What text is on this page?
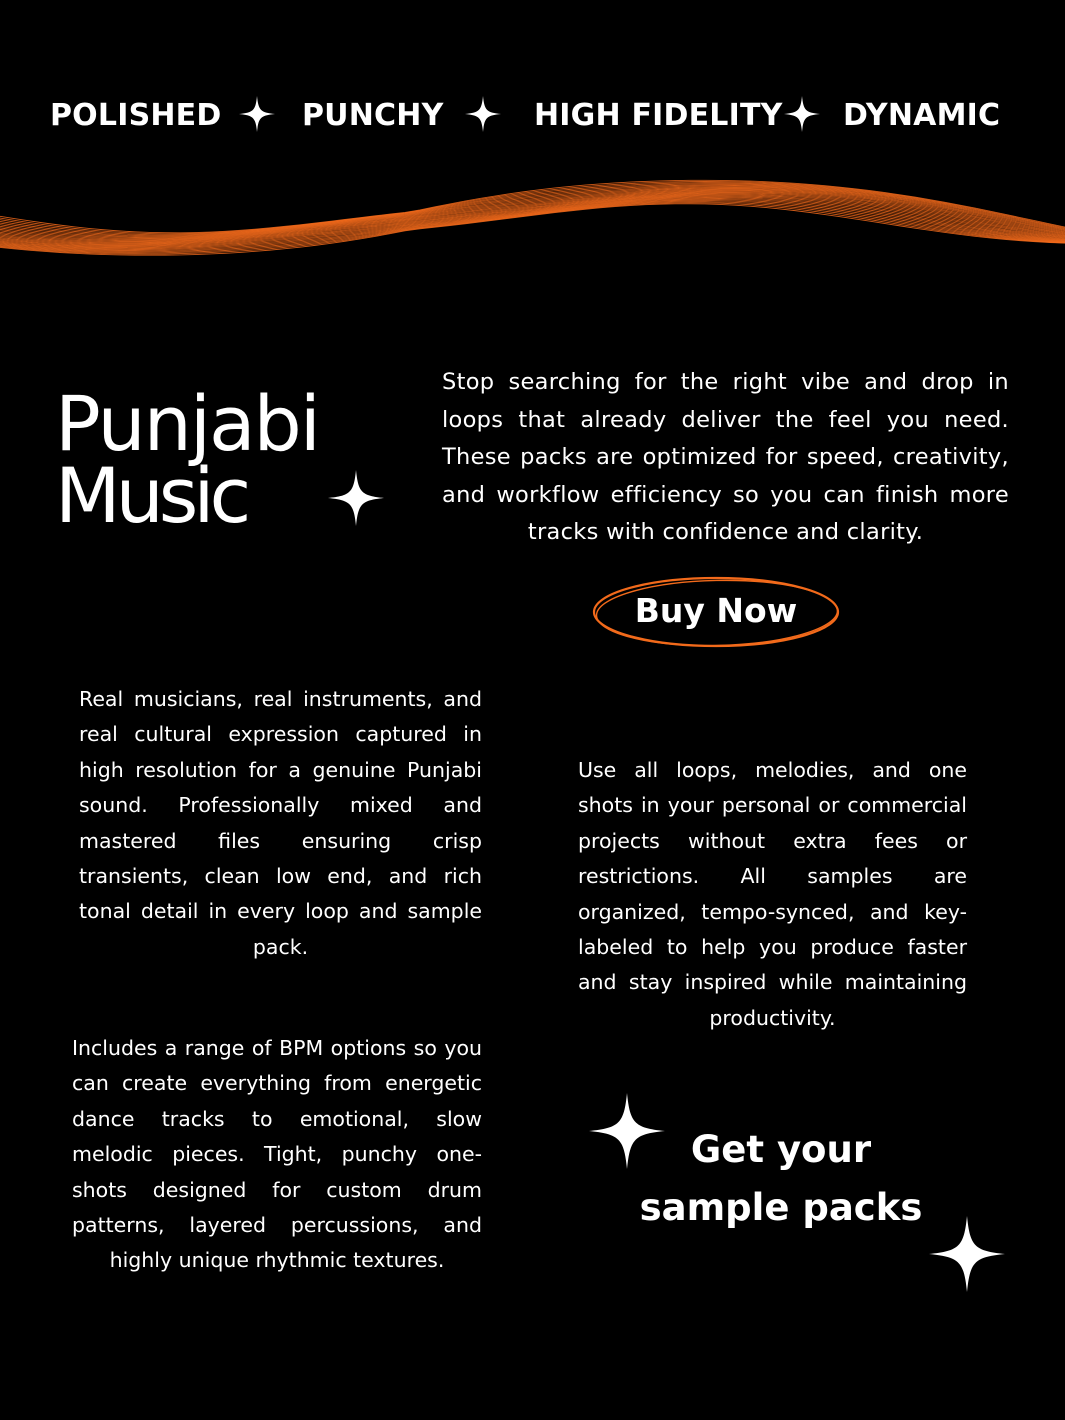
POLISHED	PUNCHY	HIGH FIDELITY DYNAMIC
Punjabi
Music

Stop searching for the right vibe and drop in loops that already deliver the feel you need. These packs are optimized for speed, creativity, and workflow efficiency so you can finish more tracks with confidence and clarity.

Buy Now

Real musicians, real instruments, and real cultural expression captured in high resolution for a genuine Punjabi sound. Professionally mixed and mastered files ensuring crisp transients, clean low end, and rich tonal detail in every loop and sample pack.

Use all loops, melodies, and one shots in your personal or commercial projects without extra fees or restrictions. All samples are organized, tempo-synced, and key-labeled to help you produce faster and stay inspired while maintaining productivity.

Includes a range of BPM options so you can create everything from energetic dance tracks to emotional, slow melodic pieces. Tight, punchy one-shots designed for custom drum patterns, layered percussions, and highly unique rhythmic textures.

Get your
sample packs
